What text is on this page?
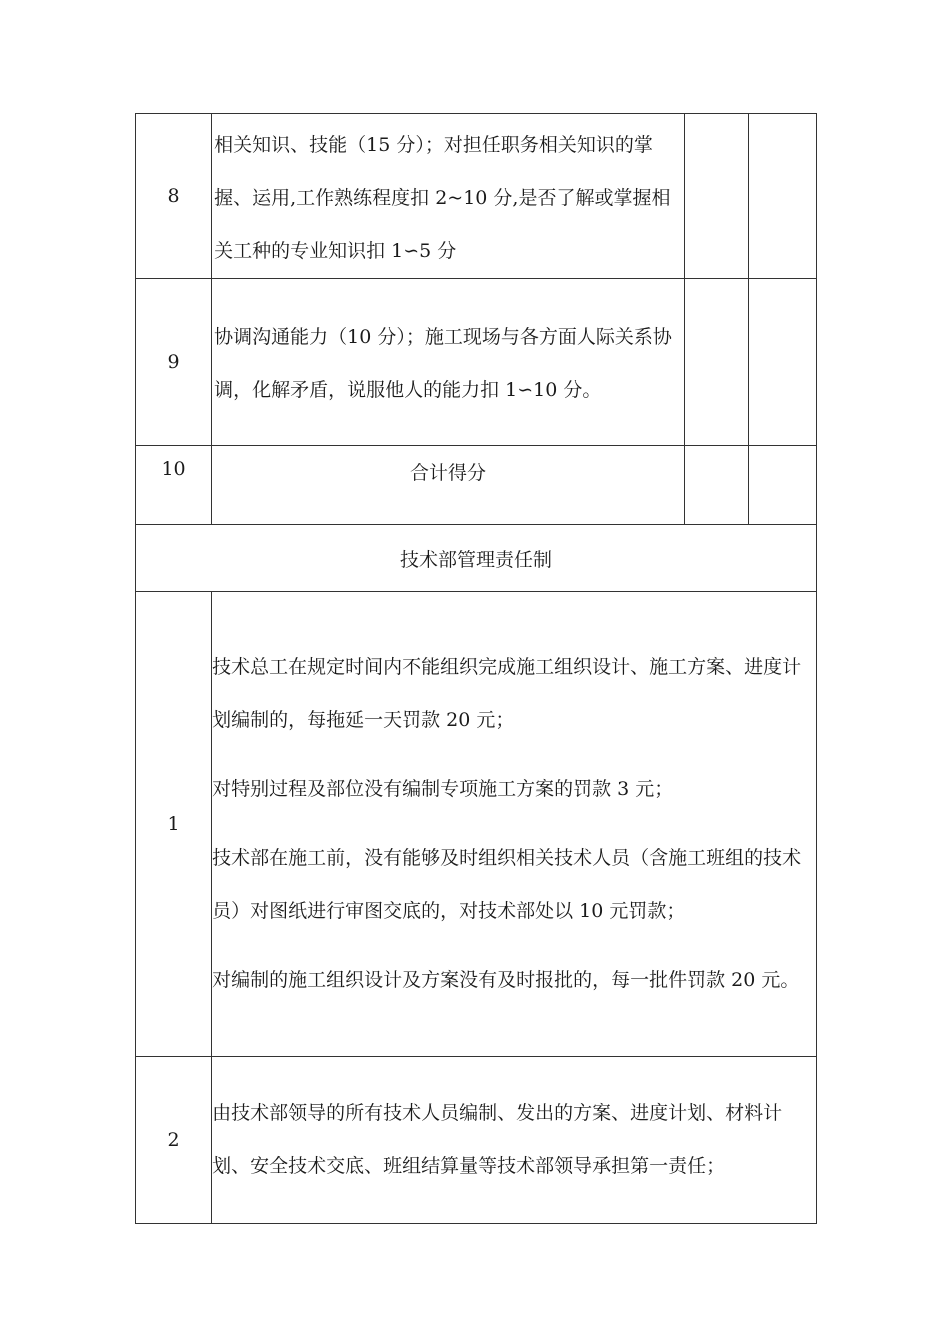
8	相关知识、技能（15 分）；对担任职务相关知识的掌握、运用,工作熟练程度扣 2~10 分,是否了解或掌握相关工种的专业知识扣 1∽5 分		

9	协调沟通能力（10 分）；施工现场与各方面人际关系协调，化解矛盾，说服他人的能力扣 1∽10 分。		

10	合计得分		
技术部管理责任制			
1	技术总工在规定时间内不能组织完成施工组织设计、施工方案、进度计划编制的，每拖延一天罚款 20 元；

对特别过程及部位没有编制专项施工方案的罚款 3 元；

技术部在施工前，没有能够及时组织相关技术人员（含施工班组的技术员）对图纸进行审图交底的，对技术部处以 10 元罚款；

对编制的施工组织设计及方案没有及时报批的，每一批件罚款 20 元。		

2	由技术部领导的所有技术人员编制、发出的方案、进度计划、材料计划、安全技术交底、班组结算量等技术部领导承担第一责任；		
